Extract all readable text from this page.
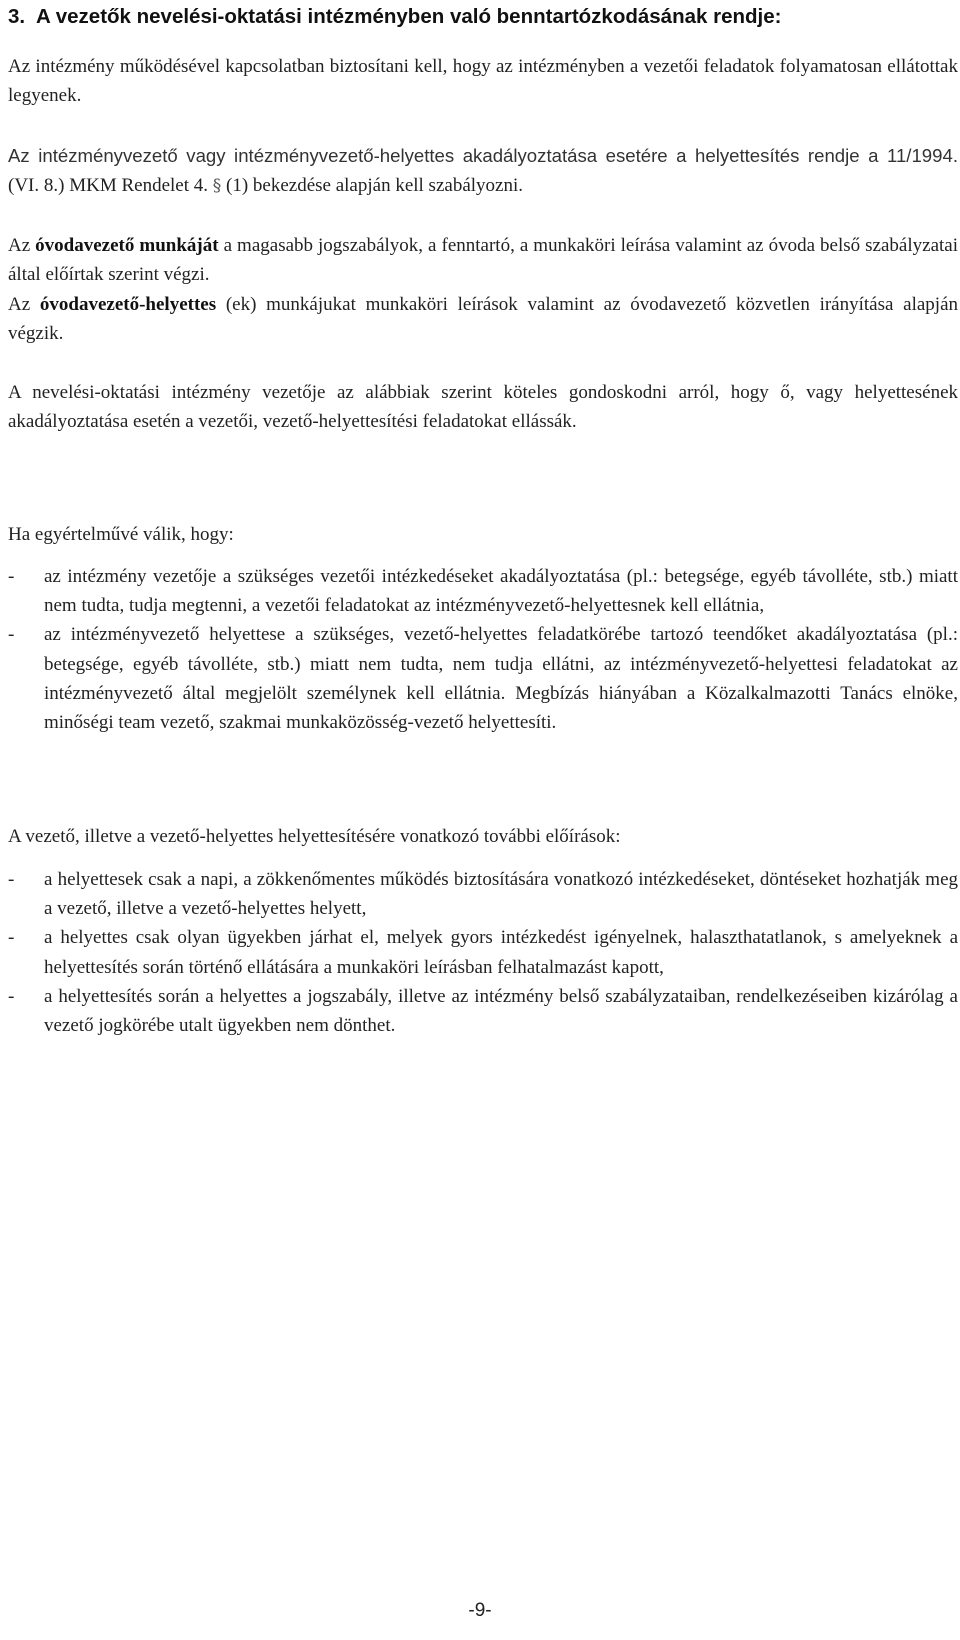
3. A vezetők nevelési-oktatási intézményben való benntartózkodásának rendje:

Az intézmény működésével kapcsolatban biztosítani kell, hogy az intézményben a vezetői feladatok folyamatosan ellátottak legyenek.

Az intézményvezető vagy intézményvezető-helyettes akadályoztatása esetére a helyettesítés rendje a 11/1994. (VI. 8.) MKM Rendelet 4. § (1) bekezdése alapján kell szabályozni.

Az óvodavezető munkáját a magasabb jogszabályok, a fenntartó, a munkaköri leírása valamint az óvoda belső szabályzatai által előírtak szerint végzi.

Az óvodavezető-helyettes (ek) munkájukat munkaköri leírások valamint az óvodavezető közvetlen irányítása alapján végzik.

A nevelési-oktatási intézmény vezetője az alábbiak szerint köteles gondoskodni arról, hogy ő, vagy helyettesének akadályoztatása esetén a vezetői, vezető-helyettesítési feladatokat ellássák.

Ha egyértelművé válik, hogy:

- az intézmény vezetője a szükséges vezetői intézkedéseket akadályoztatása (pl.: betegsége, egyéb távolléte, stb.) miatt nem tudta, tudja megtenni, a vezetői feladatokat az intézményvezető-helyettesnek kell ellátnia,
- az intézményvezető helyettese a szükséges, vezető-helyettes feladatkörébe tartozó teendőket akadályoztatása (pl.: betegsége, egyéb távolléte, stb.) miatt nem tudta, nem tudja ellátni, az intézményvezető-helyettesi feladatokat az intézményvezető által megjelölt személynek kell ellátnia. Megbízás hiányában a Közalkalmazotti Tanács elnöke, minőségi team vezető, szakmai munkaközösség-vezető helyettesíti.

A vezető, illetve a vezető-helyettes helyettesítésére vonatkozó további előírások:

- a helyettesek csak a napi, a zökkenőmentes működés biztosítására vonatkozó intézkedéseket, döntéseket hozhatják meg a vezető, illetve a vezető-helyettes helyett,
- a helyettes csak olyan ügyekben járhat el, melyek gyors intézkedést igényelnek, halaszthatatlanok, s amelyeknek a helyettesítés során történő ellátására a munkaköri leírásban felhatalmazást kapott,
- a helyettesítés során a helyettes a jogszabály, illetve az intézmény belső szabályzataiban, rendelkezéseiben kizárólag a vezető jogkörébe utalt ügyekben nem dönthet.
-9-
